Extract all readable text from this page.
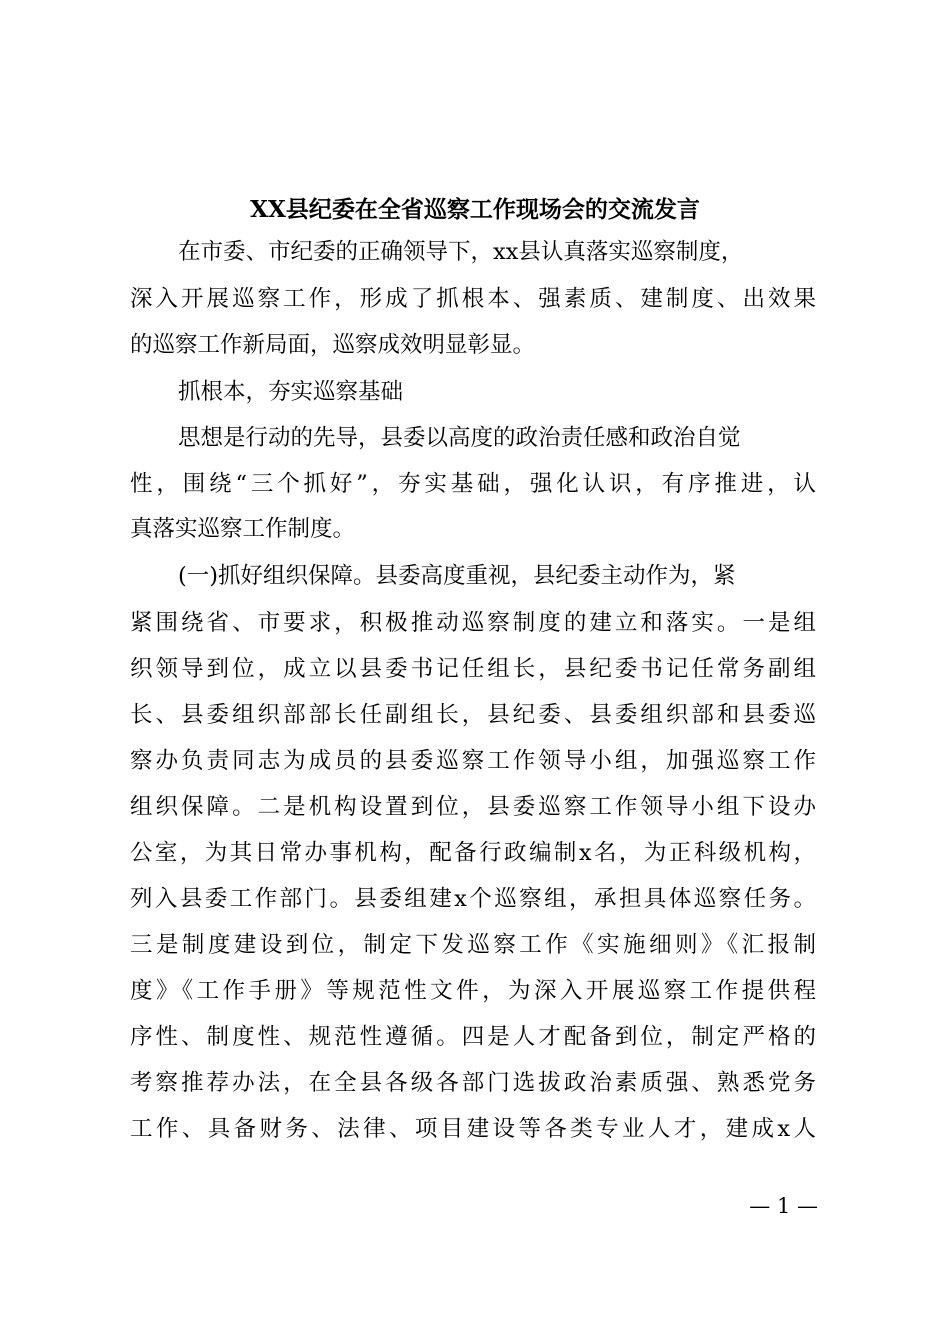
XX县纪委在全省巡察工作现场会的交流发言

在市委、市纪委的正确领导下，xx县认真落实巡察制度，

深入开展巡察工作，形成了抓根本、强素质、建制度、出效果

的巡察工作新局面，巡察成效明显彰显。

抓根本，夯实巡察基础

思想是行动的先导，县委以高度的政治责任感和政治自觉

性，围绕“三个抓好”，夯实基础，强化认识，有序推进，认

真落实巡察工作制度。

(一)抓好组织保障。县委高度重视，县纪委主动作为，紧

紧围绕省、市要求，积极推动巡察制度的建立和落实。一是组

织领导到位，成立以县委书记任组长，县纪委书记任常务副组

长、县委组织部部长任副组长，县纪委、县委组织部和县委巡

察办负责同志为成员的县委巡察工作领导小组，加强巡察工作

组织保障。二是机构设置到位，县委巡察工作领导小组下设办

公室，为其日常办事机构，配备行政编制x名，为正科级机构，

列入县委工作部门。县委组建x个巡察组，承担具体巡察任务。

三是制度建设到位，制定下发巡察工作《实施细则》《汇报制

度》《工作手册》等规范性文件，为深入开展巡察工作提供程

序性、制度性、规范性遵循。四是人才配备到位，制定严格的

考察推荐办法，在全县各级各部门选拔政治素质强、熟悉党务

工作、具备财务、法律、项目建设等各类专业人才，建成x人

— 1 —
